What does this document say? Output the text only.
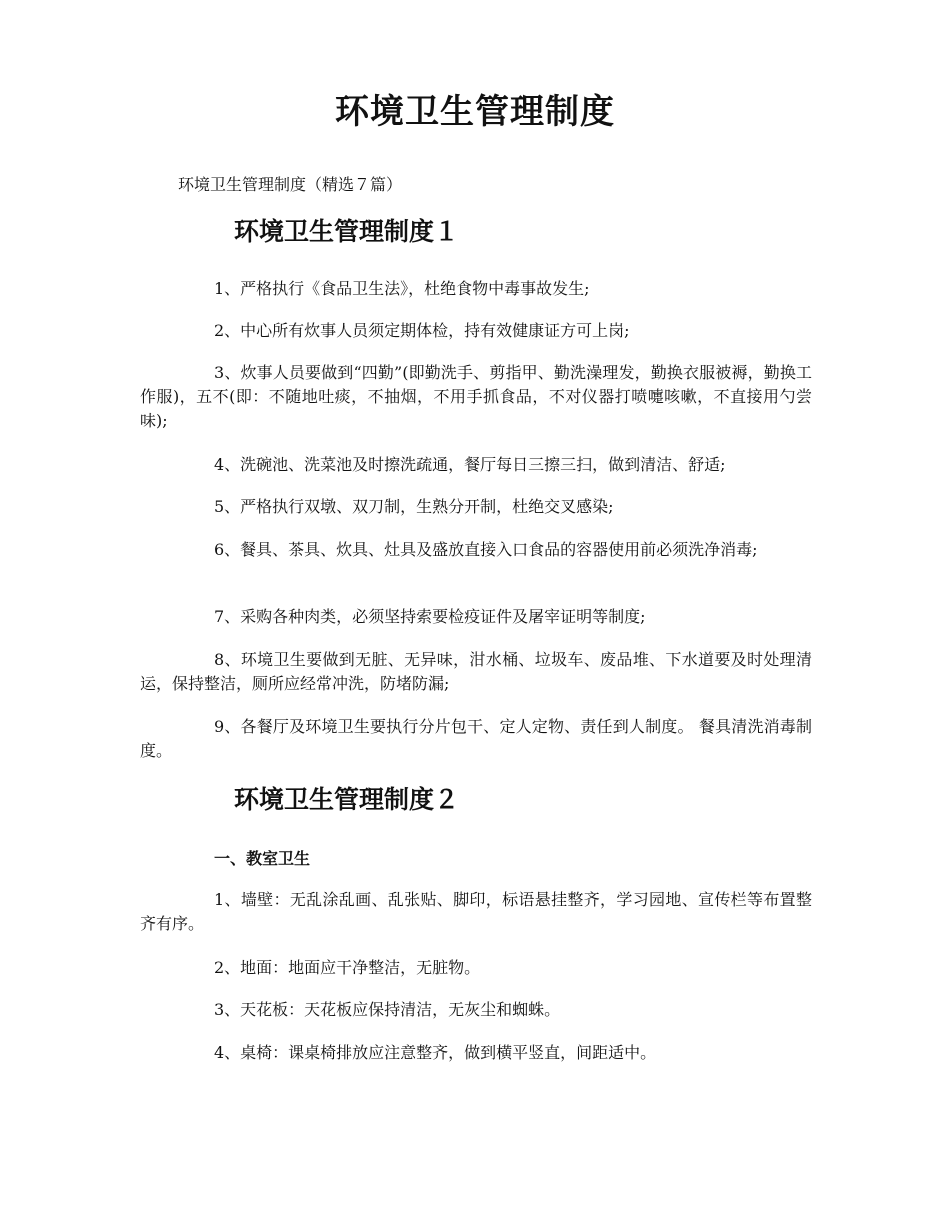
环境卫生管理制度

环境卫生管理制度（精选７篇）

环境卫生管理制度１

1、严格执行《食品卫生法》，杜绝食物中毒事故发生;

2、中心所有炊事人员须定期体检，持有效健康证方可上岗;

3、炊事人员要做到“四勤”(即勤洗手、剪指甲、勤洗澡理发，勤换衣服被褥，勤换工作服)，五不(即：不随地吐痰，不抽烟，不用手抓食品，不对仪器打喷嚏咳嗽，不直接用勺尝味);

4、洗碗池、洗菜池及时擦洗疏通，餐厅每日三擦三扫，做到清洁、舒适;

5、严格执行双墩、双刀制，生熟分开制，杜绝交叉感染;

6、餐具、茶具、炊具、灶具及盛放直接入口食品的容器使用前必须洗净消毒;

7、采购各种肉类，必须坚持索要检疫证件及屠宰证明等制度;

8、环境卫生要做到无脏、无异味，泔水桶、垃圾车、废品堆、下水道要及时处理清运，保持整洁，厕所应经常冲洗，防堵防漏;

9、各餐厅及环境卫生要执行分片包干、定人定物、责任到人制度。 餐具清洗消毒制度。

环境卫生管理制度２

一、教室卫生

1、墙壁：无乱涂乱画、乱张贴、脚印，标语悬挂整齐，学习园地、宣传栏等布置整齐有序。

2、地面：地面应干净整洁，无脏物。

3、天花板：天花板应保持清洁，无灰尘和蜘蛛。

4、桌椅：课桌椅排放应注意整齐，做到横平竖直，间距适中。
